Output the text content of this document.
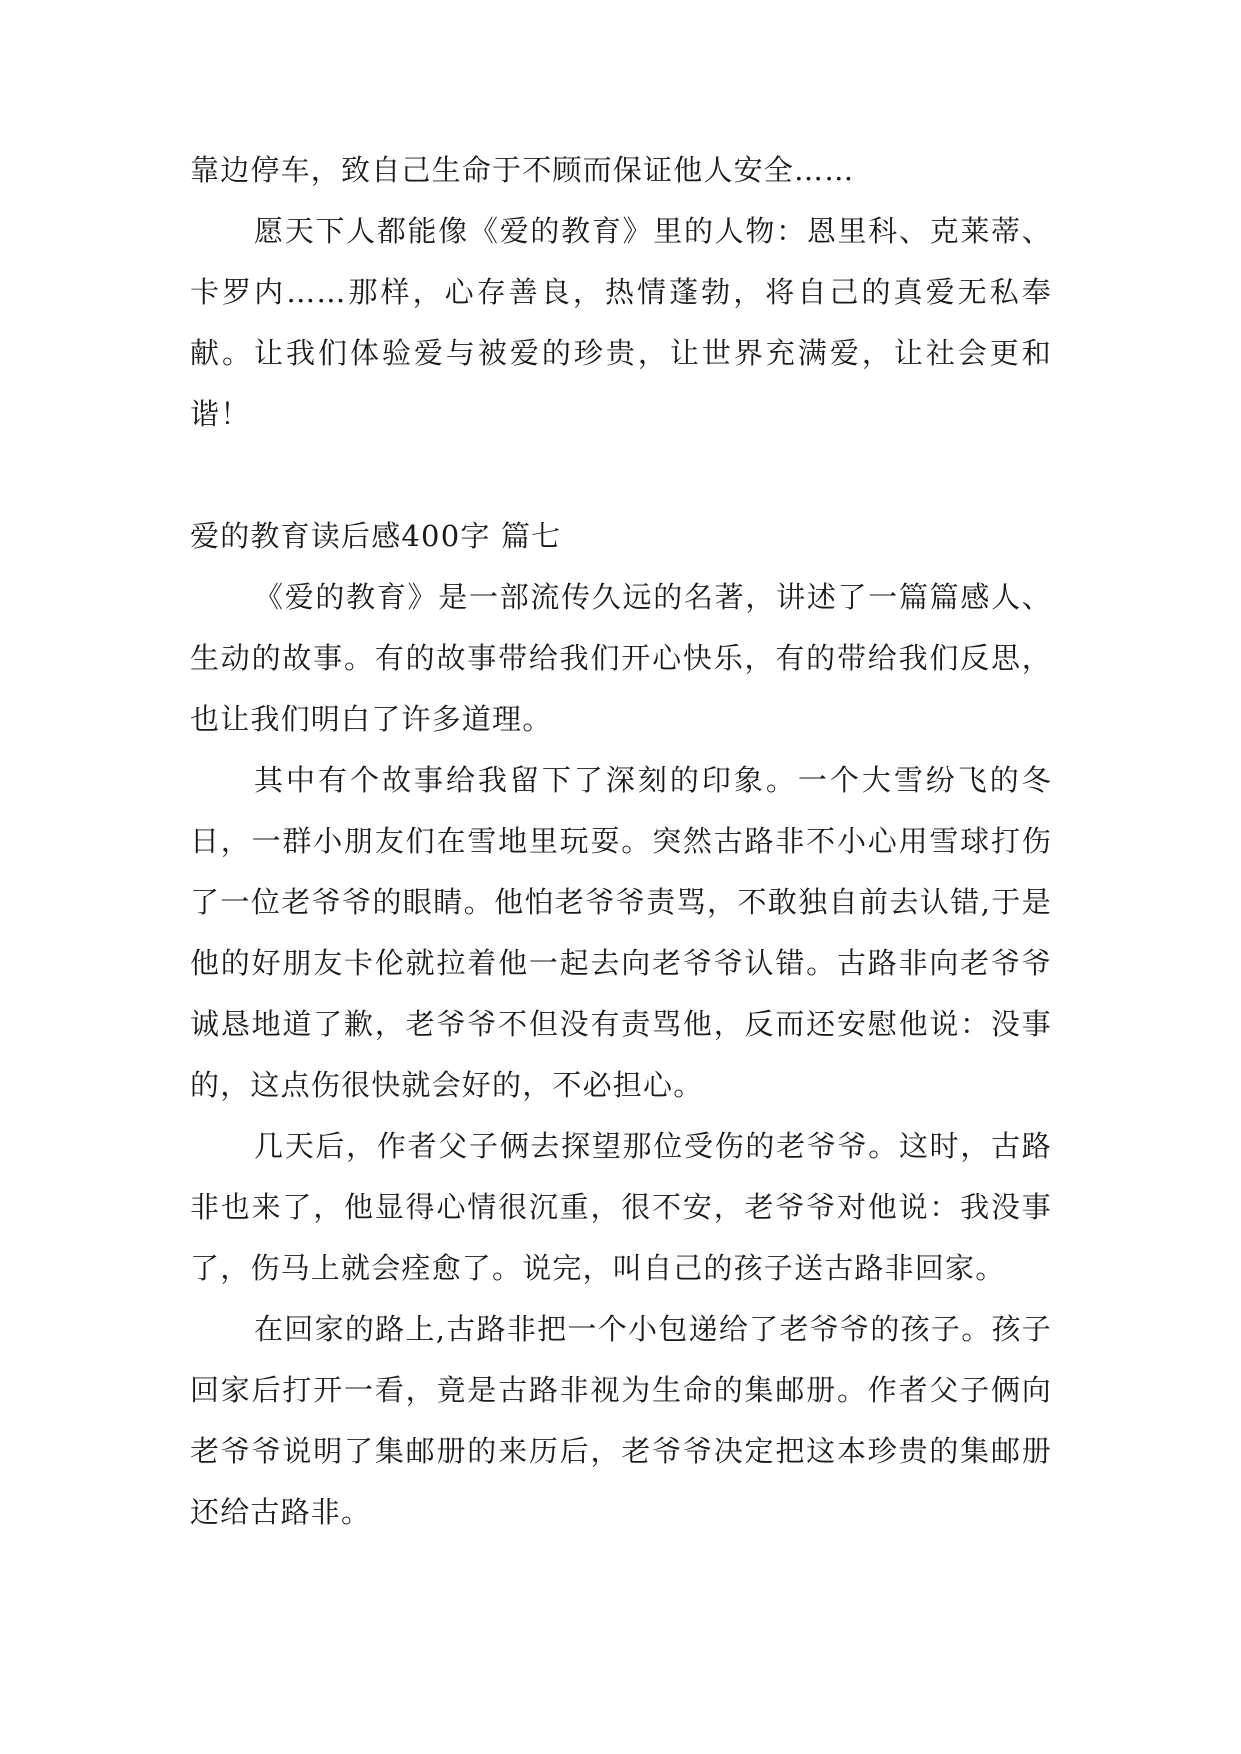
靠边停车，致自己生命于不顾而保证他人安全……

愿天下人都能像《爱的教育》里的人物：恩里科、克莱蒂、卡罗内……那样，心存善良，热情蓬勃，将自己的真爱无私奉献。让我们体验爱与被爱的珍贵，让世界充满爱，让社会更和谐！

爱的教育读后感400字 篇七

《爱的教育》是一部流传久远的名著，讲述了一篇篇感人、生动的故事。有的故事带给我们开心快乐，有的带给我们反思，也让我们明白了许多道理。

其中有个故事给我留下了深刻的印象。一个大雪纷飞的冬日，一群小朋友们在雪地里玩耍。突然古路非不小心用雪球打伤了一位老爷爷的眼睛。他怕老爷爷责骂，不敢独自前去认错,于是他的好朋友卡伦就拉着他一起去向老爷爷认错。古路非向老爷爷诚恳地道了歉，老爷爷不但没有责骂他，反而还安慰他说：没事的，这点伤很快就会好的，不必担心。

几天后，作者父子俩去探望那位受伤的老爷爷。这时，古路非也来了，他显得心情很沉重，很不安，老爷爷对他说：我没事了，伤马上就会痊愈了。说完，叫自己的孩子送古路非回家。

在回家的路上,古路非把一个小包递给了老爷爷的孩子。孩子回家后打开一看，竟是古路非视为生命的集邮册。作者父子俩向老爷爷说明了集邮册的来历后，老爷爷决定把这本珍贵的集邮册还给古路非。
